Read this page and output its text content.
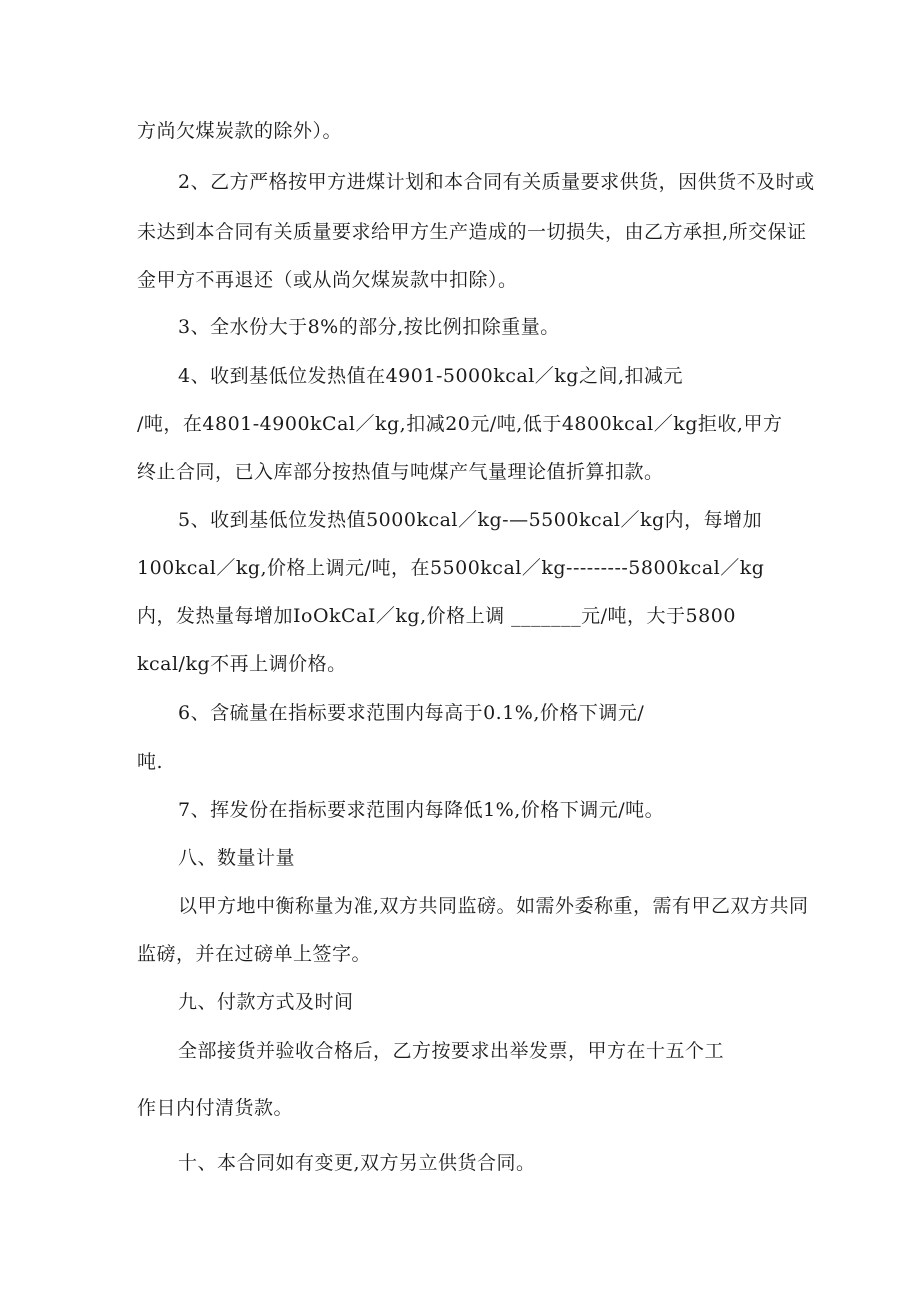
方尚欠煤炭款的除外）。
2、乙方严格按甲方进煤计划和本合同有关质量要求供货，因供货不及时或
未达到本合同有关质量要求给甲方生产造成的一切损失，由乙方承担,所交保证
金甲方不再退还（或从尚欠煤炭款中扣除）。
3、全水份大于8%的部分,按比例扣除重量。
4、收到基低位发热值在4901-5000kcal／kg之间,扣减元
/吨，在4801-4900kCal／kg,扣减20元/吨,低于4800kcal／kg拒收,甲方
终止合同，已入库部分按热值与吨煤产气量理论值折算扣款。
5、收到基低位发热值5000kcal／kg-—5500kcal／kg内，每增加
100kcal／kg,价格上调元/吨，在5500kcal／kg---------5800kcal／kg
内，发热量每增加IoOkCaI／kg,价格上调 _______元/吨，大于5800
kcal/kg不再上调价格。
6、含硫量在指标要求范围内每高于0.1%,价格下调元/
吨.
7、挥发份在指标要求范围内每降低1%,价格下调元/吨。
八、数量计量
以甲方地中衡称量为准,双方共同监磅。如需外委称重，需有甲乙双方共同
监磅，并在过磅单上签字。
九、付款方式及时间
全部接货并验收合格后，乙方按要求出举发票，甲方在十五个工
作日内付清货款。
十、本合同如有变更,双方另立供货合同。
